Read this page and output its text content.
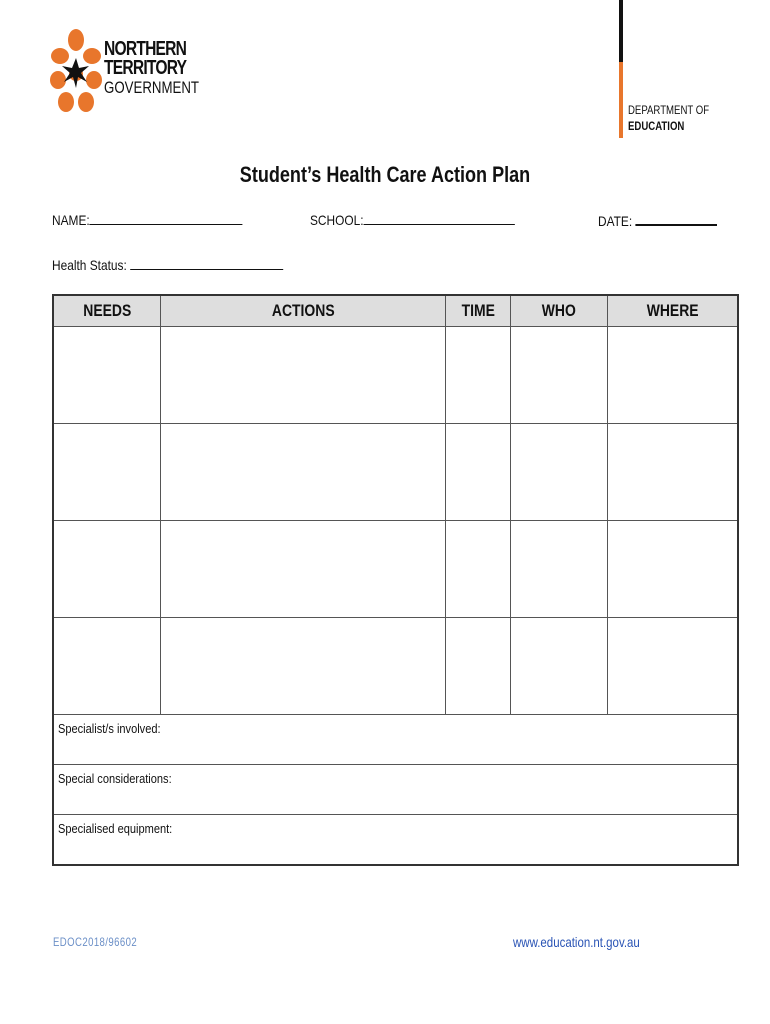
NORTHERN
TERRITORY
GOVERNMENT
DEPARTMENT OF
EDUCATION
Student’s Health Care Action Plan
NAME:	SCHOOL:	DATE:
Health Status:
NEEDS	ACTIONS	TIME	WHO	WHERE

Specialist/s involved:				
Special considerations:				
Specialised equipment:				
EDOC2018/96602	www.education.nt.gov.au
